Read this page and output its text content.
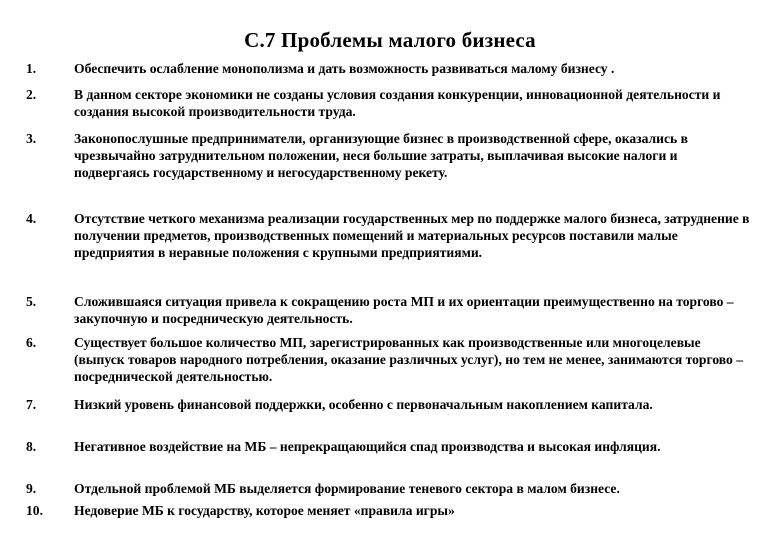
С.7 Проблемы малого бизнеса
1.	Обеспечить ослабление монополизма и дать возможность развиваться малому бизнесу .
2.	В данном секторе экономики не созданы условия создания конкуренции, инновационной деятельности и создания высокой производительности труда.
3.	Законопослушные предприниматели, организующие бизнес в производственной сфере, оказались в чрезвычайно затруднительном положении, неся большие затраты, выплачивая высокие налоги и подвергаясь государственному и негосударственному рекету.
4.	Отсутствие четкого механизма реализации государственных мер по поддержке малого бизнеса, затруднение в получении предметов, производственных помещений и материальных ресурсов поставили малые предприятия в неравные положения с крупными предприятиями.
5.	Сложившаяся ситуация привела к сокращению роста МП и их ориентации преимущественно на торгово – закупочную и посредническую деятельность.
6.	Существует большое количество МП, зарегистрированных как производственные или многоцелевые (выпуск товаров народного потребления, оказание различных услуг), но тем не менее, занимаются торгово – посреднической деятельностью.
7.	Низкий уровень финансовой поддержки, особенно с первоначальным накоплением капитала.
8.	Негативное воздействие на МБ – непрекращающийся спад производства и высокая инфляция.
9.	Отдельной проблемой МБ выделяется формирование теневого сектора в малом бизнесе.
10.	Недоверие МБ к государству, которое меняет «правила игры»
